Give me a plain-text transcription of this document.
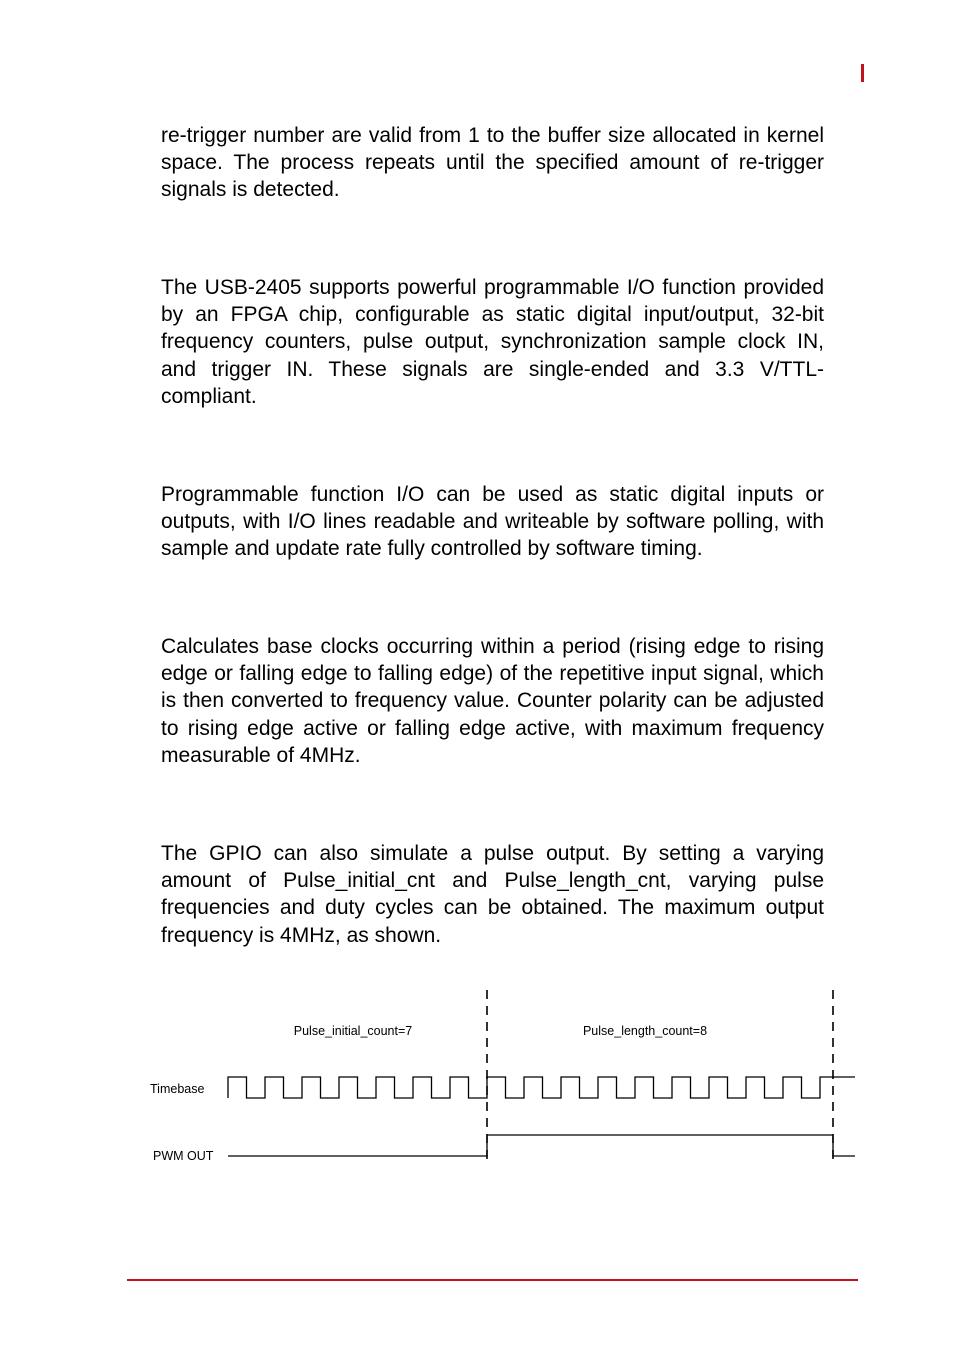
re-trigger number are valid from 1 to the buffer size allocated in kernel space. The process repeats until the specified amount of re-trigger signals is detected.

The USB-2405 supports powerful programmable I/O function provided by an FPGA chip, configurable as static digital input/output, 32-bit frequency counters, pulse output, synchronization sample clock IN, and trigger IN. These signals are single-ended and 3.3 V/TTL-compliant.

Programmable function I/O can be used as static digital inputs or outputs, with I/O lines readable and writeable by software polling, with sample and update rate fully controlled by software timing.

Calculates base clocks occurring within a period (rising edge to rising edge or falling edge to falling edge) of the repetitive input signal, which is then converted to frequency value. Counter polarity can be adjusted to rising edge active or falling edge active, with maximum frequency measurable of 4MHz.

The GPIO can also simulate a pulse output. By setting a varying amount of Pulse_initial_cnt and Pulse_length_cnt, varying pulse frequencies and duty cycles can be obtained. The maximum output frequency is 4MHz, as shown.

Pulse_initial_count=7	Pulse_length_count=8
Timebase
PWM OUT
